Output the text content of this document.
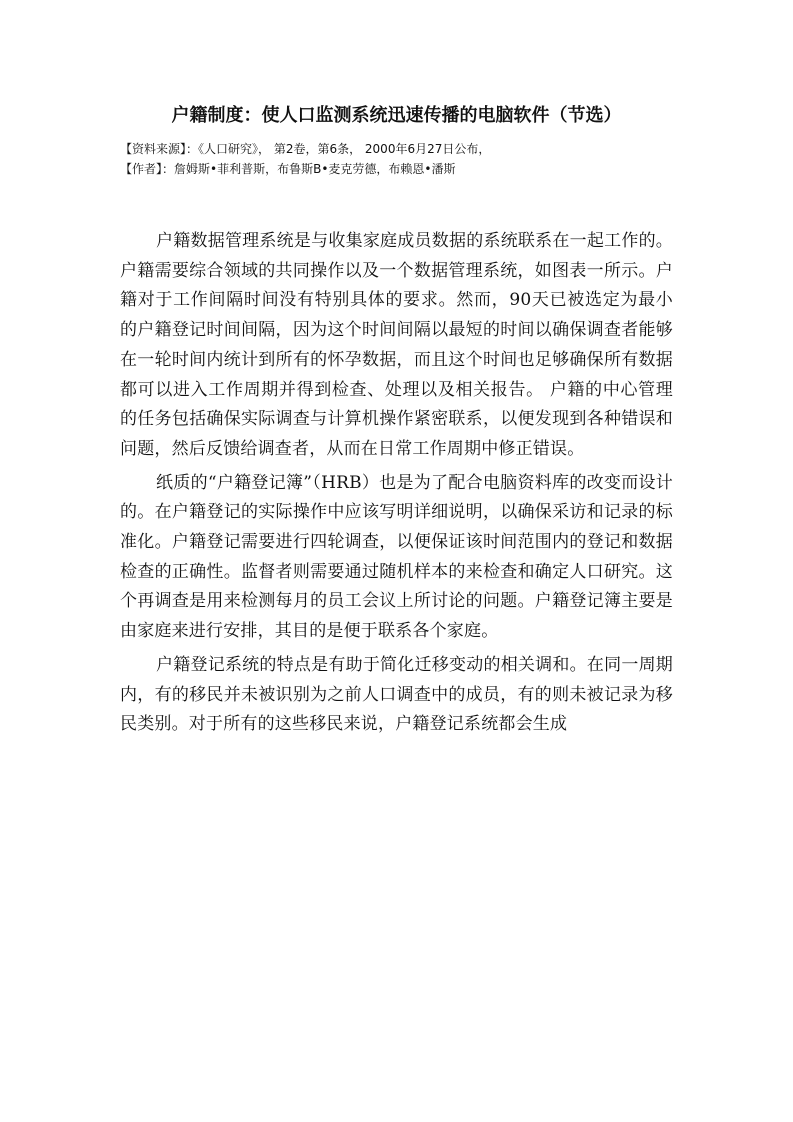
户籍制度：使人口监测系统迅速传播的电脑软件（节选）
【资料来源】：《人口研究》， 第2卷，第6条， 2000年6月27日公布，
【作者】：詹姆斯•菲利普斯，布鲁斯B•麦克劳德，布赖恩•潘斯

户籍数据管理系统是与收集家庭成员数据的系统联系在一起工作的。户籍需要综合领域的共同操作以及一个数据管理系统，如图表一所示。户籍对于工作间隔时间没有特别具体的要求。然而，90天已被选定为最小的户籍登记时间间隔，因为这个时间间隔以最短的时间以确保调查者能够在一轮时间内统计到所有的怀孕数据，而且这个时间也足够确保所有数据都可以进入工作周期并得到检查、处理以及相关报告。 户籍的中心管理的任务包括确保实际调查与计算机操作紧密联系，以便发现到各种错误和问题，然后反馈给调查者，从而在日常工作周期中修正错误。

纸质的“户籍登记簿”（HRB）也是为了配合电脑资料库的改变而设计的。在户籍登记的实际操作中应该写明详细说明，以确保采访和记录的标准化。户籍登记需要进行四轮调查，以便保证该时间范围内的登记和数据检查的正确性。监督者则需要通过随机样本的来检查和确定人口研究。这个再调查是用来检测每月的员工会议上所讨论的问题。户籍登记簿主要是由家庭来进行安排，其目的是便于联系各个家庭。

户籍登记系统的特点是有助于简化迁移变动的相关调和。在同一周期内，有的移民并未被识别为之前人口调查中的成员，有的则未被记录为移民类别。对于所有的这些移民来说，户籍登记系统都会生成
